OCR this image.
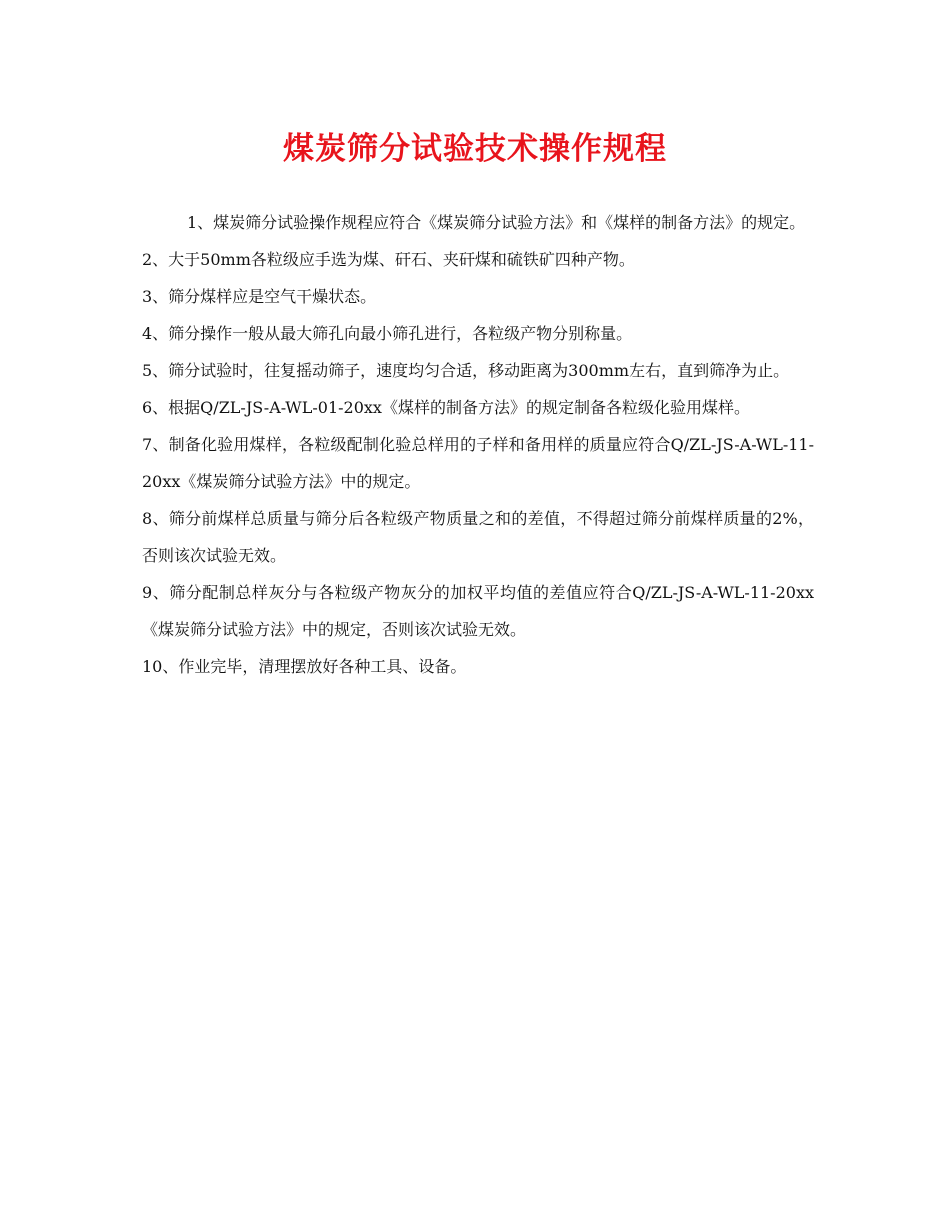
煤炭筛分试验技术操作规程

1、煤炭筛分试验操作规程应符合《煤炭筛分试验方法》和《煤样的制备方法》的规定。

2、大于50mm各粒级应手选为煤、矸石、夹矸煤和硫铁矿四种产物。

3、筛分煤样应是空气干燥状态。

4、筛分操作一般从最大筛孔向最小筛孔进行，各粒级产物分别称量。

5、筛分试验时，往复摇动筛子，速度均匀合适，移动距离为300mm左右，直到筛净为止。

6、根据Q/ZL-JS-A-WL-01-20xx《煤样的制备方法》的规定制备各粒级化验用煤样。

7、制备化验用煤样，各粒级配制化验总样用的子样和备用样的质量应符合Q/ZL-JS-A-WL-11-20xx《煤炭筛分试验方法》中的规定。

8、筛分前煤样总质量与筛分后各粒级产物质量之和的差值，不得超过筛分前煤样质量的2%，否则该次试验无效。

9、筛分配制总样灰分与各粒级产物灰分的加权平均值的差值应符合Q/ZL-JS-A-WL-11-20xx《煤炭筛分试验方法》中的规定，否则该次试验无效。

10、作业完毕，清理摆放好各种工具、设备。
